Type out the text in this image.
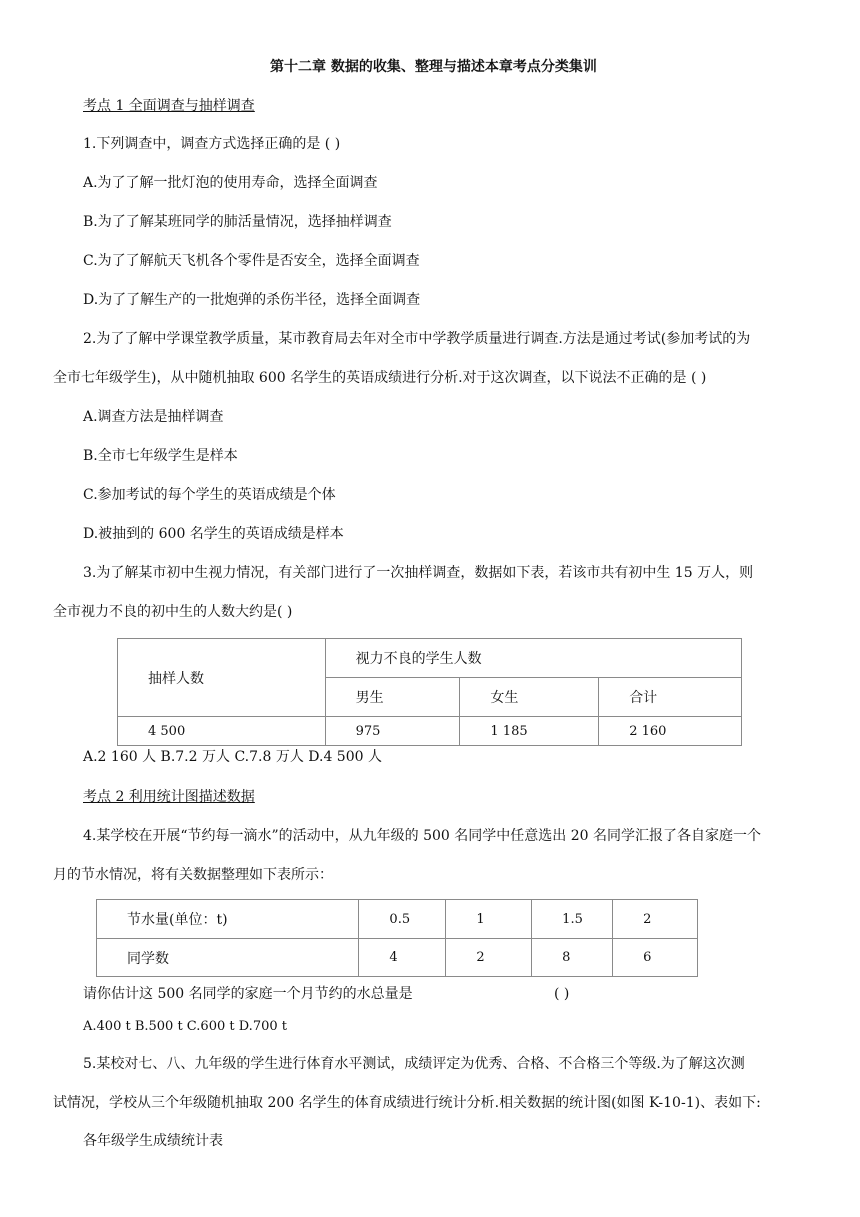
第十二章 数据的收集、整理与描述本章考点分类集训
考点 1 全面调查与抽样调查
1.下列调查中，调查方式选择正确的是 ( )
A.为了了解一批灯泡的使用寿命，选择全面调查
B.为了了解某班同学的肺活量情况，选择抽样调查
C.为了了解航天飞机各个零件是否安全，选择全面调查
D.为了了解生产的一批炮弹的杀伤半径，选择全面调查
2.为了了解中学课堂教学质量，某市教育局去年对全市中学教学质量进行调查.方法是通过考试(参加考试的为
全市七年级学生)，从中随机抽取 600 名学生的英语成绩进行分析.对于这次调查，以下说法不正确的是 ( )
A.调查方法是抽样调查
B.全市七年级学生是样本
C.参加考试的每个学生的英语成绩是个体
D.被抽到的 600 名学生的英语成绩是样本
3.为了解某市初中生视力情况，有关部门进行了一次抽样调查，数据如下表，若该市共有初中生 15 万人，则
全市视力不良的初中生的人数大约是( )
抽样人数	视力不良的学生人数		
	男生	女生	合计
4 500	975	1 185	2 160
A.2 160 人 B.7.2 万人 C.7.8 万人 D.4 500 人
考点 2 利用统计图描述数据
4.某学校在开展“节约每一滴水”的活动中，从九年级的 500 名同学中任意选出 20 名同学汇报了各自家庭一个
月的节水情况，将有关数据整理如下表所示：
节水量(单位：t)	0.5	1	1.5	2
同学数	4	2	8	6
请你估计这 500 名同学的家庭一个月节约的水总量是	( )
A.400 t B.500 t C.600 t D.700 t
5.某校对七、八、九年级的学生进行体育水平测试，成绩评定为优秀、合格、不合格三个等级.为了解这次测
试情况，学校从三个年级随机抽取 200 名学生的体育成绩进行统计分析.相关数据的统计图(如图 K-10-1)、表如下:
各年级学生成绩统计表
